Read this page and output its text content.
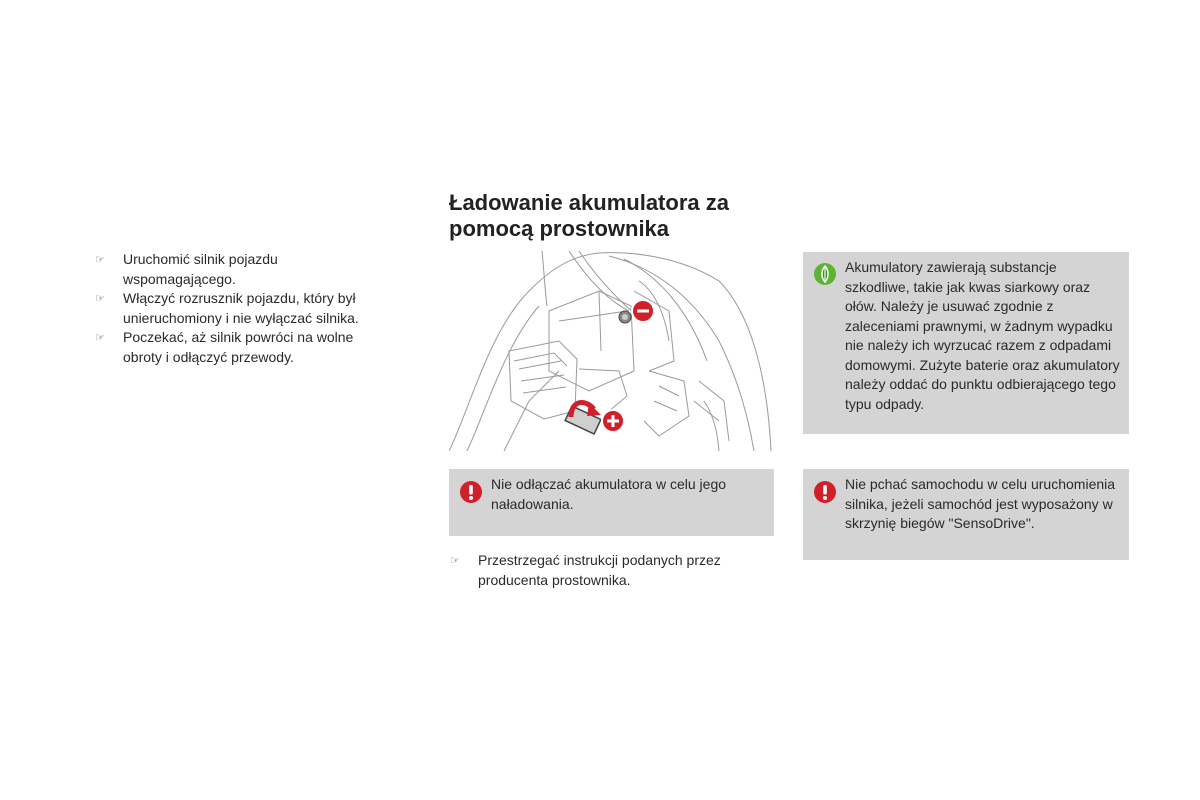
☞ Uruchomić silnik pojazdu wspomagającego.
☞ Włączyć rozrusznik pojazdu, który był unieruchomiony i nie wyłączać silnika.
☞ Poczekać, aż silnik powróci na wolne obroty i odłączyć przewody.
Ładowanie akumulatora za pomocą prostownika
Nie odłączać akumulatora w celu jego naładowania.
☞ Przestrzegać instrukcji podanych przez producenta prostownika.
Akumulatory zawierają substancje szkodliwe, takie jak kwas siarkowy oraz ołów. Należy je usuwać zgodnie z zaleceniami prawnymi, w żadnym wypadku nie należy ich wyrzucać razem z odpadami domowymi. Zużyte baterie oraz akumulatory należy oddać do punktu odbierającego tego typu odpady.
Nie pchać samochodu w celu uruchomienia silnika, jeżeli samochód jest wyposażony w skrzynię biegów "SensoDrive".
